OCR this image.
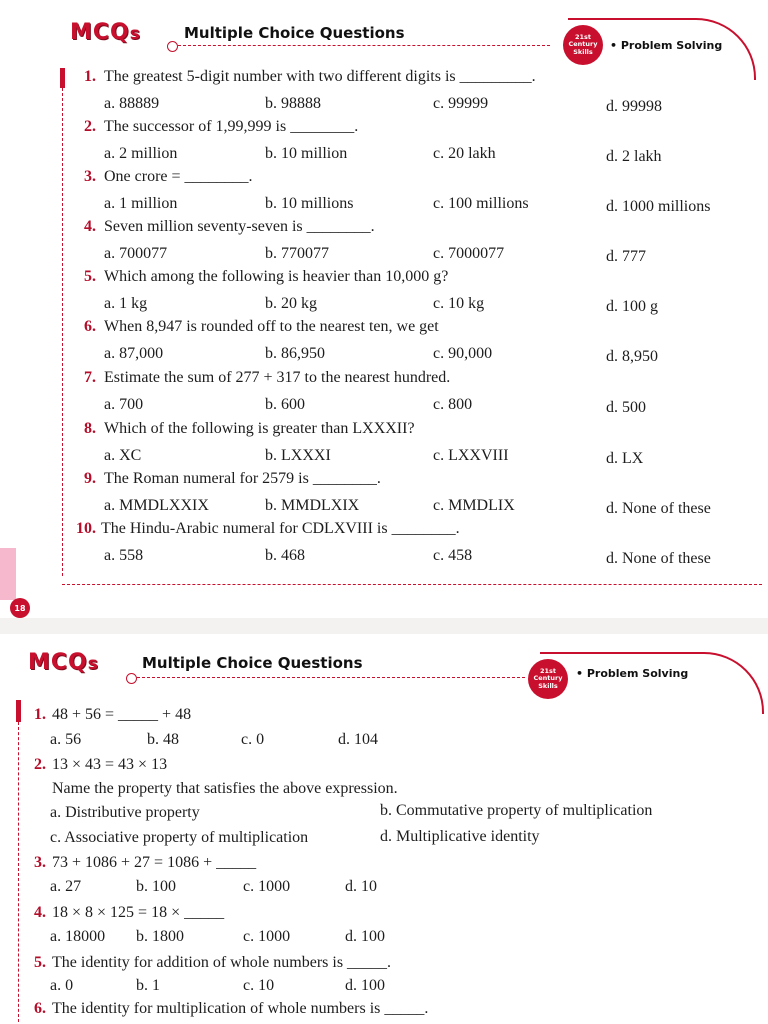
MCQs	Multiple Choice Questions	21st
Century
Skills	• Problem Solving
18
1. The greatest 5-digit number with two different digits is _________.
a. 88889	b. 98888	c. 99999	d. 99998
2. The successor of 1,99,999 is ________.
a. 2 million	b. 10 million	c. 20 lakh	d. 2 lakh
3. One crore = ________.
a. 1 million	b. 10 millions	c. 100 millions	d. 1000 millions
4. Seven million seventy-seven is ________.
a. 700077	b. 770077	c. 7000077	d. 777
5. Which among the following is heavier than 10,000 g?
a. 1 kg	b. 20 kg	c. 10 kg	d. 100 g
6. When 8,947 is rounded off to the nearest ten, we get
a. 87,000	b. 86,950	c. 90,000	d. 8,950
7. Estimate the sum of 277 + 317 to the nearest hundred.
a. 700	b. 600	c. 800	d. 500
8. Which of the following is greater than LXXXII?
a. XC	b. LXXXI	c. LXXVIII	d. LX
9. The Roman numeral for 2579 is ________.
a. MMDLXXIX	b. MMDLXIX	c. MMDLIX	d. None of these
10. The Hindu-Arabic numeral for CDLXVIII is ________.
a. 558	b. 468	c. 458	d. None of these
MCQs	Multiple Choice Questions	21st
Century
Skills
• Problem Solving
1. 48 + 56 = _____ + 48
a. 56	b. 48	c. 0	d. 104
2. 13 × 43 = 43 × 13
Name the property that satisfies the above expression.
a. Distributive property	b. Commutative property of multiplication
c. Associative property of multiplication	d. Multiplicative identity
3. 73 + 1086 + 27 = 1086 + _____
a. 27	b. 100	c. 1000	d. 10
4. 18 × 8 × 125 = 18 × _____
a. 18000 b. 1800	c. 1000	d. 100
5. The identity for addition of whole numbers is _____.
a. 0	b. 1	c. 10	d. 100
6. The identity for multiplication of whole numbers is _____.
